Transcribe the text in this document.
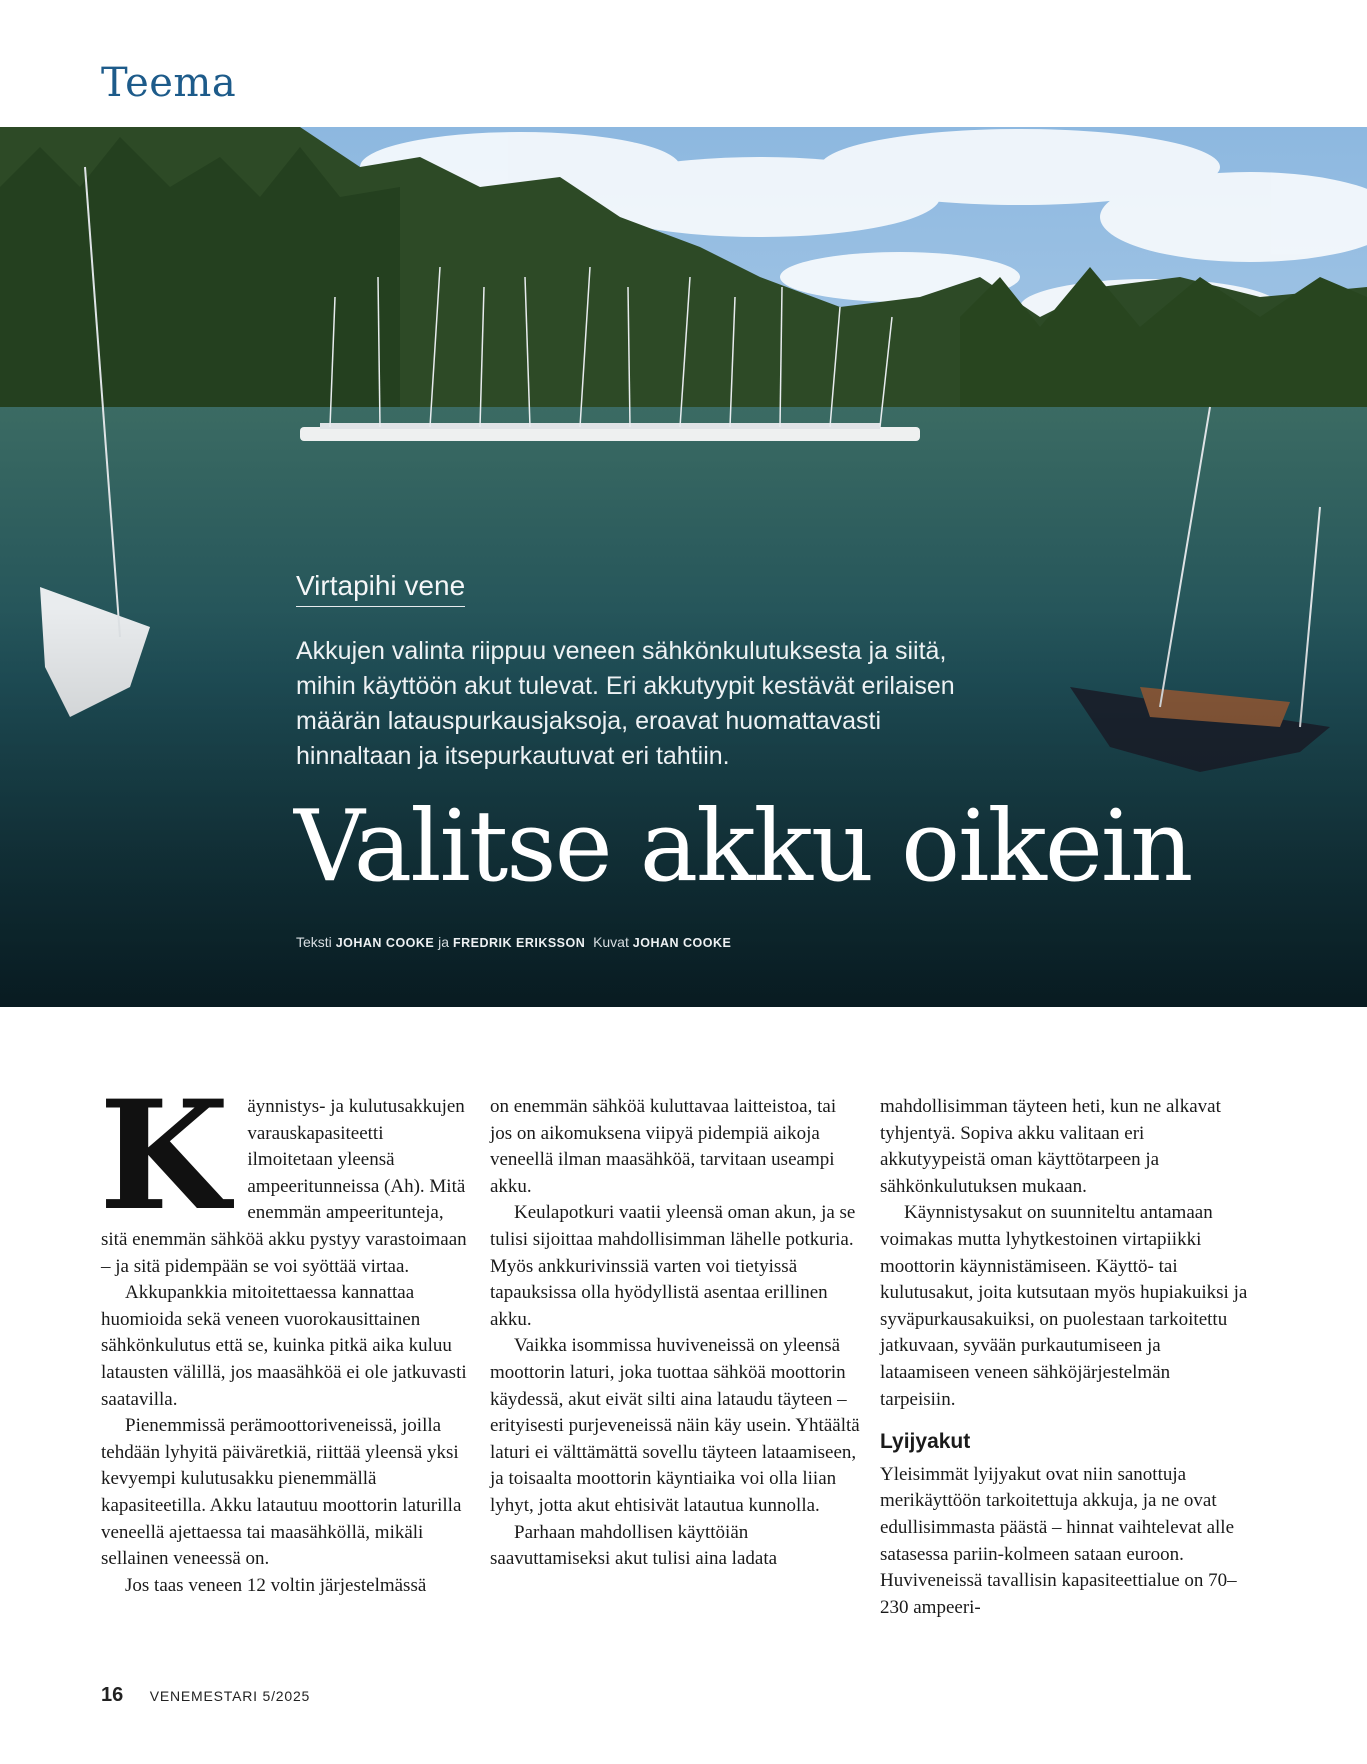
Teema
Virtapihi vene
Akkujen valinta riippuu veneen sähkönkulutuksesta ja siitä, mihin käyttöön akut tulevat. Eri akkutyypit kestävät erilaisen määrän latauspurkausjaksoja, eroavat huomattavasti hinnaltaan ja itsepurkautuvat eri tahtiin.
Valitse akku oikein
Teksti JOHAN COOKE ja FREDRIK ERIKSSON Kuvat JOHAN COOKE

Käynnistys- ja kulutusakkujen varauskapasiteetti ilmoitetaan yleensä ampeeritunneissa (Ah). Mitä enemmän ampeeritunteja, sitä enemmän sähköä akku pystyy varastoimaan – ja sitä pidempään se voi syöttää virtaa.

Akkupankkia mitoitettaessa kannattaa huomioida sekä veneen vuorokausittainen sähkönkulutus että se, kuinka pitkä aika kuluu latausten välillä, jos maasähköä ei ole jatkuvasti saatavilla.

Pienemmissä perämoottoriveneissä, joilla tehdään lyhyitä päiväretkiä, riittää yleensä yksi kevyempi kulutusakku pienemmällä kapasiteetilla. Akku latautuu moottorin laturilla veneellä ajettaessa tai maasähköllä, mikäli sellainen veneessä on.

Jos taas veneen 12 voltin järjestelmässä

on enemmän sähköä kuluttavaa laitteistoa, tai jos on aikomuksena viipyä pidempiä aikoja veneellä ilman maasähköä, tarvitaan useampi akku.

Keulapotkuri vaatii yleensä oman akun, ja se tulisi sijoittaa mahdollisimman lähelle potkuria. Myös ankkurivinssiä varten voi tietyissä tapauksissa olla hyödyllistä asentaa erillinen akku.

Vaikka isommissa huviveneissä on yleensä moottorin laturi, joka tuottaa sähköä moottorin käydessä, akut eivät silti aina lataudu täyteen – erityisesti purjeveneissä näin käy usein. Yhtäältä laturi ei välttämättä sovellu täyteen lataamiseen, ja toisaalta moottorin käyntiaika voi olla liian lyhyt, jotta akut ehtisivät latautua kunnolla.

Parhaan mahdollisen käyttöiän saavuttamiseksi akut tulisi aina ladata

mahdollisimman täyteen heti, kun ne alkavat tyhjentyä. Sopiva akku valitaan eri akkutyypeistä oman käyttötarpeen ja sähkönkulutuksen mukaan.

Käynnistysakut on suunniteltu antamaan voimakas mutta lyhytkestoinen virtapiikki moottorin käynnistämiseen. Käyttö- tai kulutusakut, joita kutsutaan myös hupiakuiksi ja syväpurkausakuiksi, on puolestaan tarkoitettu jatkuvaan, syvään purkautumiseen ja lataamiseen veneen sähköjärjestelmän tarpeisiin.

Lyijyakut

Yleisimmät lyijyakut ovat niin sanottuja merikäyttöön tarkoitettuja akkuja, ja ne ovat edullisimmasta päästä – hinnat vaihtelevat alle satasessa pariin-kolmeen sataan euroon. Huviveneissä tavallisin kapasiteettialue on 70–230 ampeeri-

16 VENEMESTARI 5/2025
